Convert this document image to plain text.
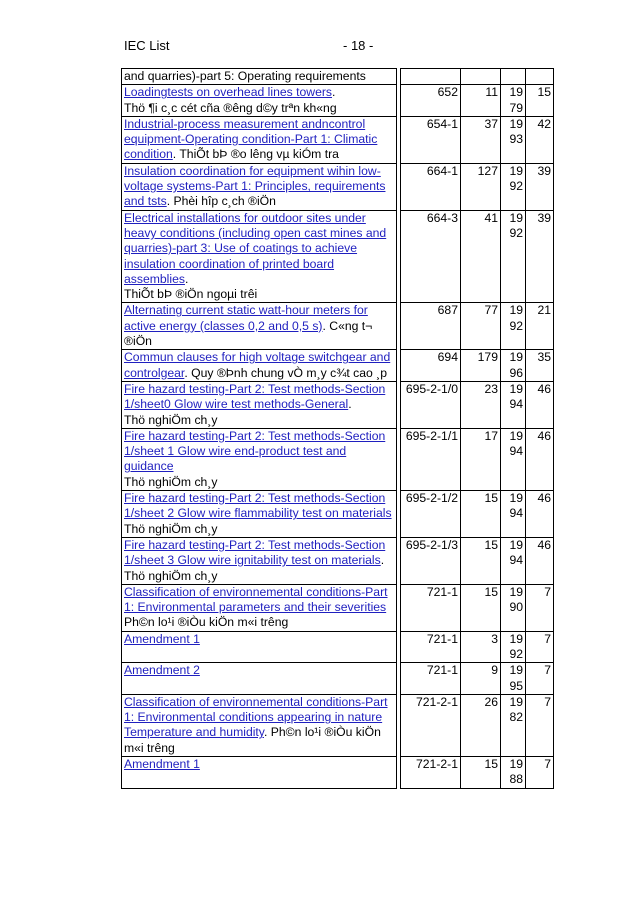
IEC List	- 18 -
and quarries)-part 5: Operating requirements					
Loadingtests on overhead lines towers.
Thö ¶i c¸c cét cña ®êng d©y trªn kh«ng		652	11	1979	15
Industrial-process measurement andncontrol equipment-Operating condition-Part 1: Climatic condition. ThiÕt bÞ ®o lêng vµ kiÓm tra		654-1	37	1993	42
Insulation coordination for equipment wihin low-voltage systems-Part 1: Principles, requirements and tsts. Phèi hîp c¸ch ®iÖn		664-1	127	1992	39
Electrical installations for outdoor sites under heavy conditions (including open cast mines and quarries)-part 3: Use of coatings to achieve insulation coordination of printed board assemblies.
ThiÕt bÞ ®iÖn ngoµi trêi		664-3	41	1992	39
Alternating current static watt-hour meters for active energy (classes 0,2 and 0,5 s). C«ng t¬ ®iÖn		687	77	1992	21
Commun clauses for high voltage switchgear and controlgear. Quy ®Þnh chung vÒ m¸y c¾t cao ¸p		694	179	1996	35
Fire hazard testing-Part 2: Test methods-Section 1/sheet0 Glow wire test methods-General.
Thö nghiÖm ch¸y		695-2-1/0	23	1994	46
Fire hazard testing-Part 2: Test methods-Section 1/sheet 1 Glow wire end-product test and guidance
Thö nghiÖm ch¸y		695-2-1/1	17	1994	46
Fire hazard testing-Part 2: Test methods-Section 1/sheet 2 Glow wire flammability test on materials
Thö nghiÖm ch¸y		695-2-1/2	15	1994	46
Fire hazard testing-Part 2: Test methods-Section 1/sheet 3 Glow wire ignitability test on materials.
Thö nghiÖm ch¸y		695-2-1/3	15	1994	46
Classification of environnemental conditions-Part 1: Environmental parameters and their severities
Ph©n lo¹i ®iÒu kiÖn m«i trêng		721-1	15	1990	7
Amendment 1		721-1	3	1992	7
Amendment 2		721-1	9	1995	7
Classification of environnemental conditions-Part 1: Environmental conditions appearing in nature Temperature and humidity. Ph©n lo¹i ®iÒu kiÖn m«i trêng		721-2-1	26	1982	7
Amendment 1		721-2-1	15	1988	7
